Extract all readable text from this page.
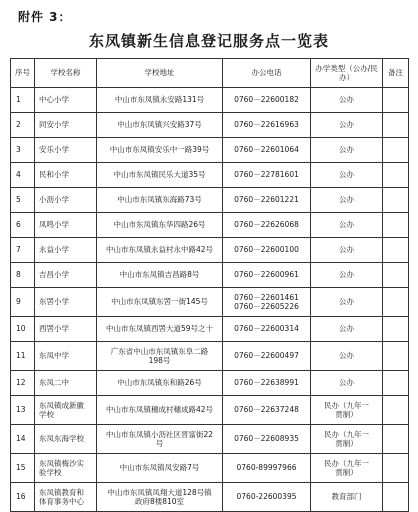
附件 3：
东凤镇新生信息登记服务点一览表
序号	学校名称	学校地址	办公电话	办学类型（公办/民办）	备注
1	中心小学	中山市东凤镇永安路131号	0760－22600182	公办	
2	同安小学	中山市东凤镇兴安路37号	0760－22616963	公办	
3	安乐小学	中山市东凤镇安乐中一路39号	0760－22601064	公办	
4	民和小学	中山市东凤镇民乐大道35号	0760－22781601	公办	
5	小沥小学	中山市东凤镇东海路73号	0760－22601221	公办	
6	凤鸣小学	中山市东凤镇东华四路26号	0760－22626068	公办	
7	永益小学	中山市东凤镇永益村永中路42号	0760－22600100	公办	
8	吉昌小学	中山市东凤镇吉昌路8号	0760－22600961	公办	
9	东罟小学	中山市东凤镇东罟一街145号	0760－22601461
0760－22605226	公办	
10	西罟小学	中山市东凤镇西罟大道59号之十	0760－22600314	公办	
11	东凤中学	广东省中山市东凤镇东阜二路
198号	0760－22600497	公办	
12	东凤二中	中山市东凤镇东和路26号	0760－22638991	公办	
13	东凤镇成新徽
学校	中山市东凤镇穗成村穗成路42号	0760－22637248	民办（九年一
贯制）	
14	东凤东海学校	中山市东凤镇小沥社区晋富街22
号	0760－22608935	民办（九年一
贯制）	
15	东凤镇梅沙实
验学校	中山市东凤镇凤安路7号	0760-89997966	民办（九年一
贯制）	
16	东凤镇教育和
体育事务中心	中山市东凤镇凤翔大道128号镇
政府8楼810室	0760-22600395	教育部门	
